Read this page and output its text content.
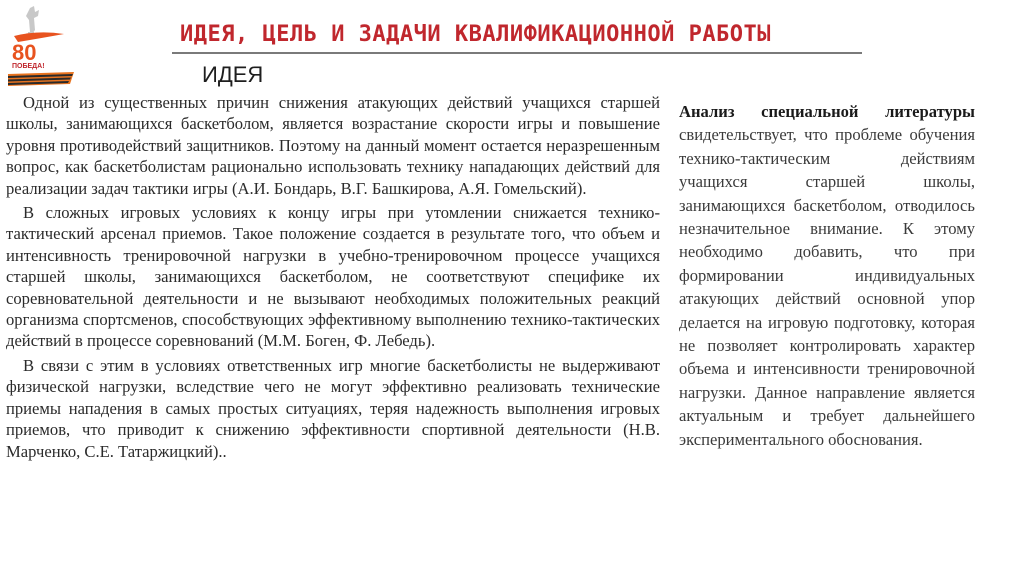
80
ПОБЕДА!
ИДЕЯ, ЦЕЛЬ И ЗАДАЧИ КВАЛИФИКАЦИОННОЙ РАБОТЫ
ИДЕЯ

Одной из существенных причин снижения атакующих действий учащихся старшей школы, занимающихся баскетболом, является возрастание скорости игры и повышение уровня противодействий защитников. Поэтому на данный момент остается неразрешенным вопрос, как баскетболистам рационально использовать технику нападающих действий для реализации задач тактики игры (А.И. Бондарь, В.Г. Башкирова, А.Я. Гомельский).

В сложных игровых условиях к концу игры при утомлении снижается технико-тактический арсенал приемов. Такое положение создается в результате того, что объем и интенсивность тренировочной нагрузки в учебно-тренировочном процессе учащихся старшей школы, занимающихся баскетболом, не соответствуют специфике их соревновательной деятельности и не вызывают необходимых положительных реакций организма спортсменов, способствующих эффективному выполнению технико-тактических действий в процессе соревнований (М.М. Боген, Ф. Лебедь).

В связи с этим в условиях ответственных игр многие баскетболисты не выдерживают физической нагрузки, вследствие чего не могут эффективно реализовать технические приемы нападения в самых простых ситуациях, теряя надежность выполнения игровых приемов, что приводит к снижению эффективности спортивной деятельности (Н.В. Марченко, С.Е. Татаржицкий)..

Анализ специальной литературы свидетельствует, что проблеме обучения технико-тактическим действиям учащихся старшей школы, занимающихся баскетболом, отводилось незначительное внимание. К этому необходимо добавить, что при формировании индивидуальных атакующих действий основной упор делается на игровую подготовку, которая не позволяет контролировать характер объема и интенсивности тренировочной нагрузки. Данное направление является актуальным и требует дальнейшего экспериментального обоснования.
